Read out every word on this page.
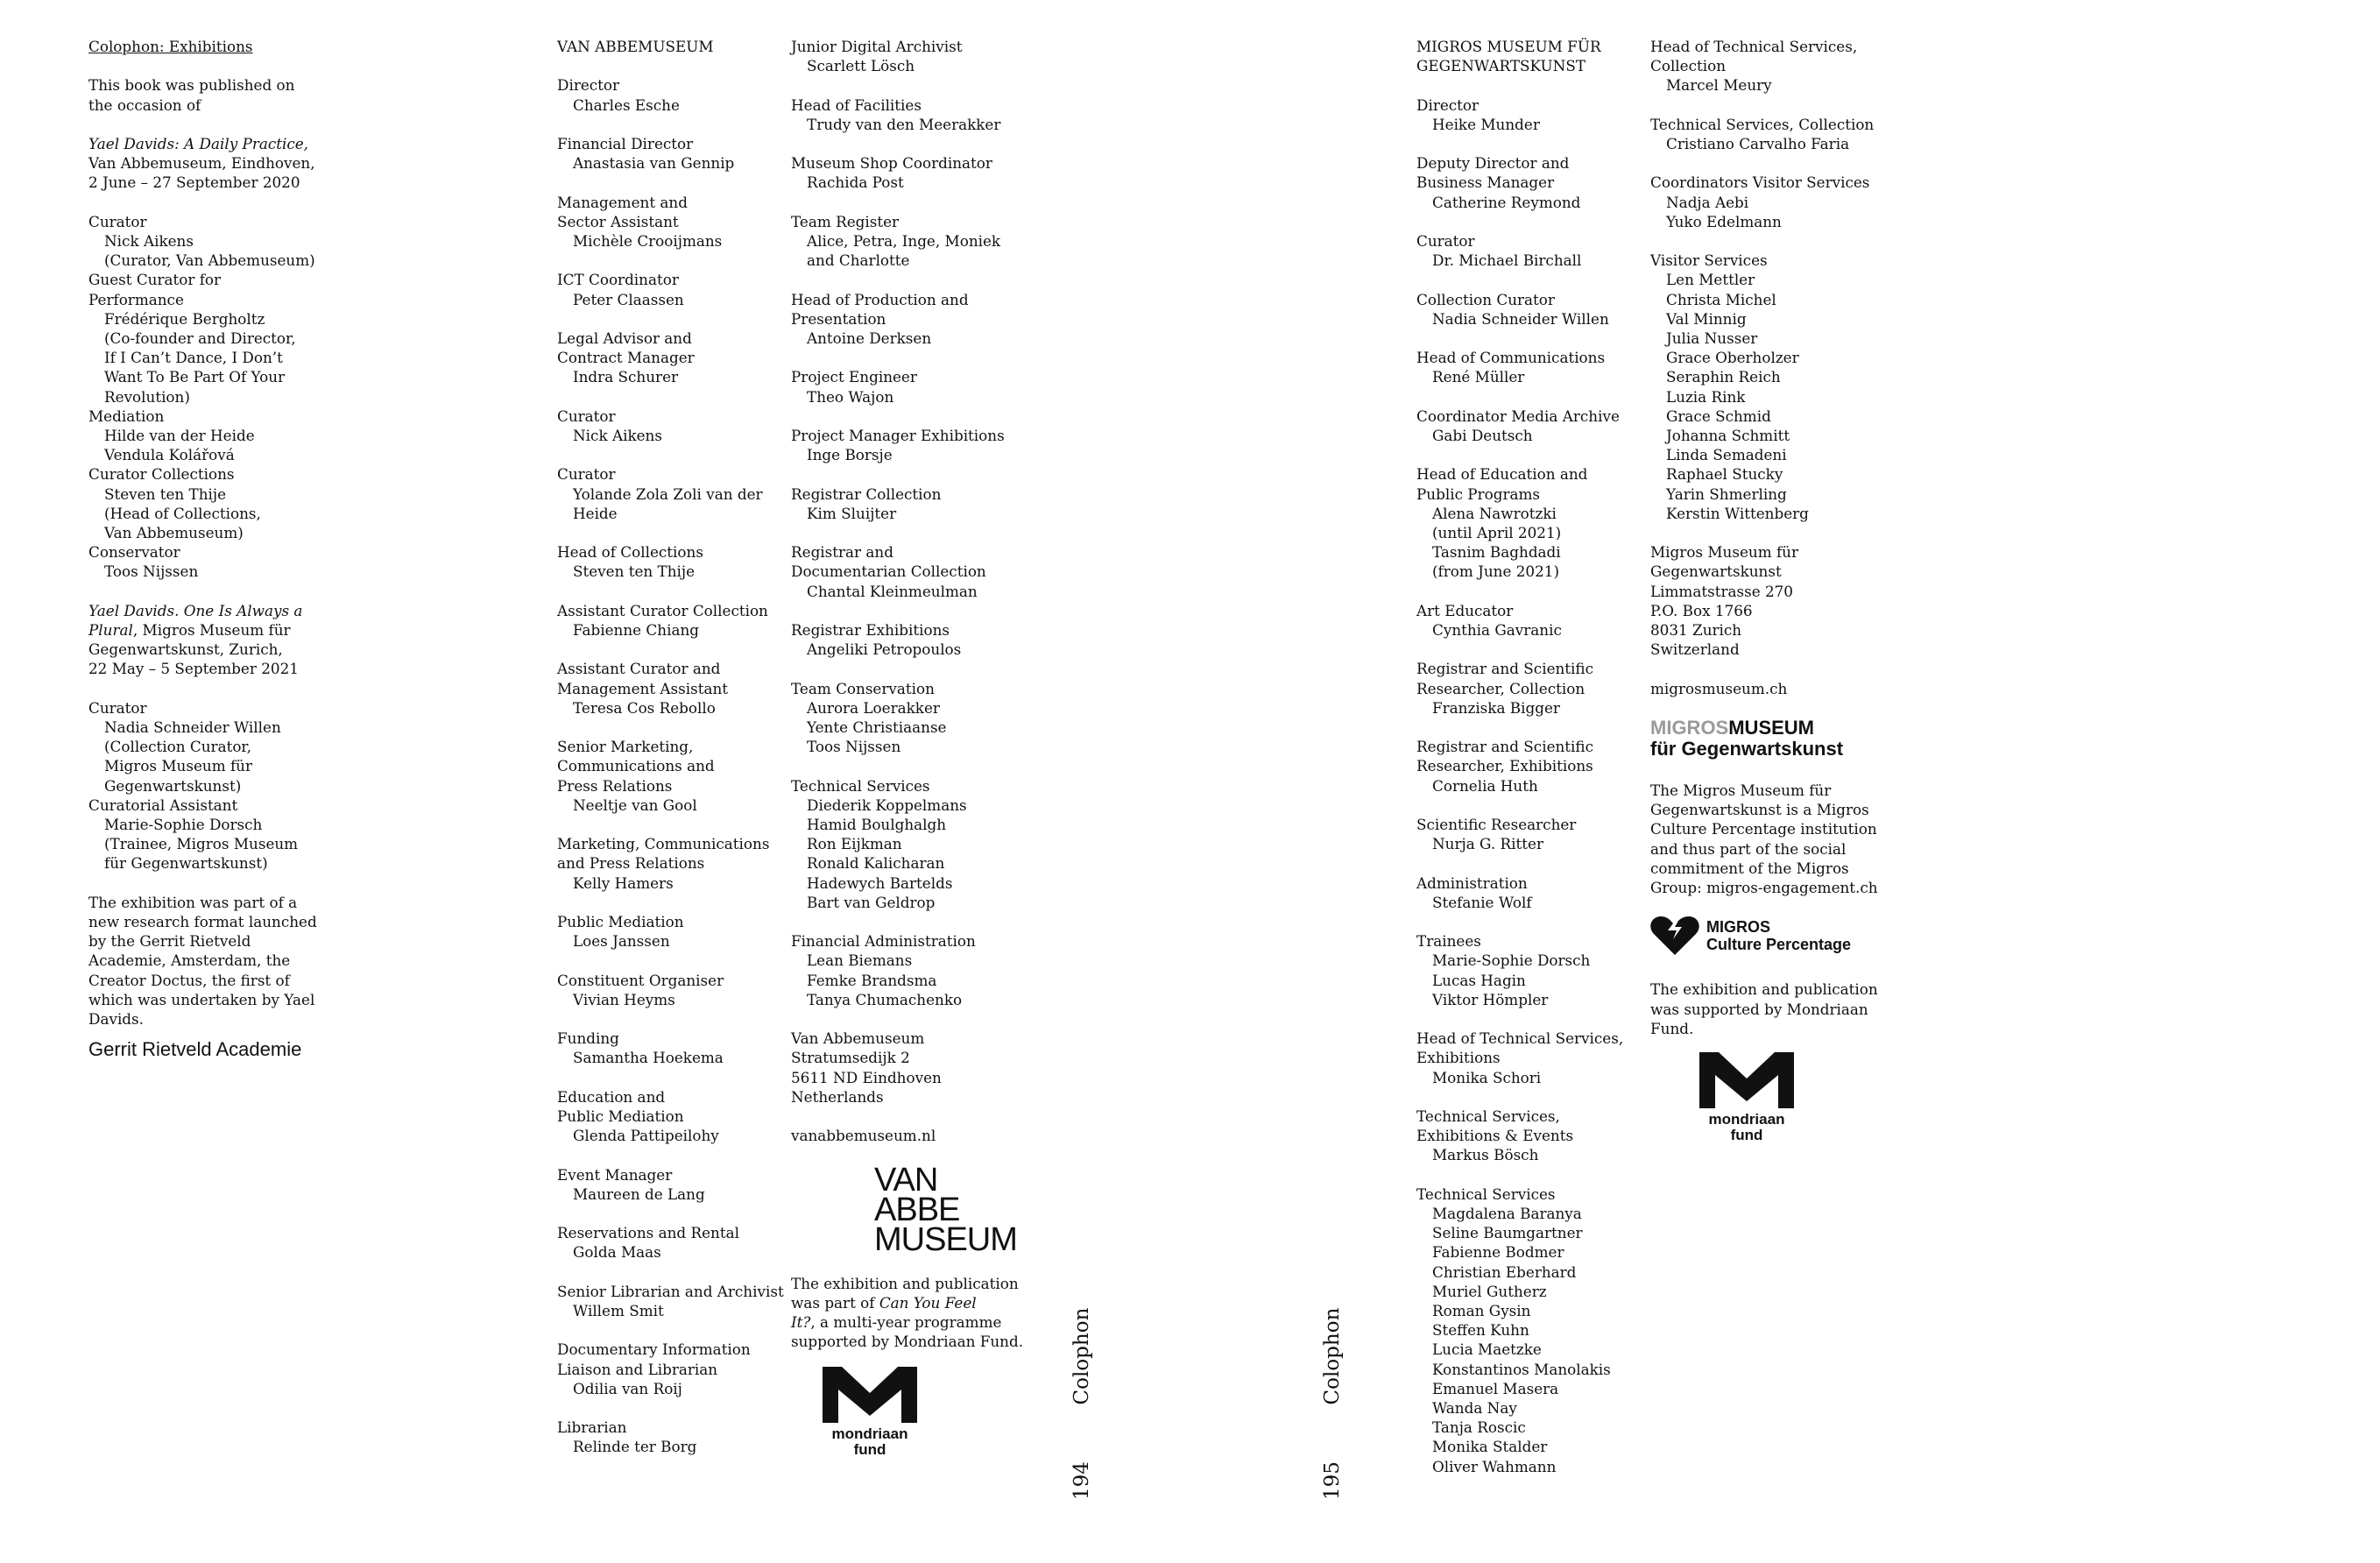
Colophon: Exhibitions
This book was published on
the occasion of
Yael Davids: A Daily Practice,
Van Abbemuseum, Eindhoven,
2 June – 27 September 2020
Curator
Nick Aikens
(Curator, Van Abbemuseum)
Guest Curator for
Performance
Frédérique Bergholtz
(Co-founder and Director,
If I Can’t Dance, I Don’t
Want To Be Part Of Your
Revolution)
Mediation
Hilde van der Heide
Vendula Kolářová
Curator Collections
Steven ten Thije
(Head of Collections,
Van Abbemuseum)
Conservator
Toos Nijssen
Yael Davids. One Is Always a
Plural, Migros Museum für
Gegenwartskunst, Zurich,
22 May – 5 September 2021
Curator
Nadia Schneider Willen
(Collection Curator,
Migros Museum für
Gegenwartskunst)
Curatorial Assistant
Marie-Sophie Dorsch
(Trainee, Migros Museum
für Gegenwartskunst)
The exhibition was part of a
new research format launched
by the Gerrit Rietveld
Academie, Amsterdam, the
Creator Doctus, the first of
which was undertaken by Yael
Davids.
Gerrit Rietveld Academie
VAN ABBEMUSEUM
Director
Charles Esche
Financial Director
Anastasia van Gennip
Management and
Sector Assistant
Michèle Crooijmans
ICT Coordinator
Peter Claassen
Legal Advisor and
Contract Manager
Indra Schurer
Curator
Nick Aikens
Curator
Yolande Zola Zoli van der
Heide
Head of Collections
Steven ten Thije
Assistant Curator Collection
Fabienne Chiang
Assistant Curator and
Management Assistant
Teresa Cos Rebollo
Senior Marketing,
Communications and
Press Relations
Neeltje van Gool
Marketing, Communications
and Press Relations
Kelly Hamers
Public Mediation
Loes Janssen
Constituent Organiser
Vivian Heyms
Funding
Samantha Hoekema
Education and
Public Mediation
Glenda Pattipeilohy
Event Manager
Maureen de Lang
Reservations and Rental
Golda Maas
Senior Librarian and Archivist
Willem Smit
Documentary Information
Liaison and Librarian
Odilia van Roij
Librarian
Relinde ter Borg
Junior Digital Archivist
Scarlett Lösch
Head of Facilities
Trudy van den Meerakker
Museum Shop Coordinator
Rachida Post
Team Register
Alice, Petra, Inge, Moniek
and Charlotte
Head of Production and
Presentation
Antoine Derksen
Project Engineer
Theo Wajon
Project Manager Exhibitions
Inge Borsje
Registrar Collection
Kim Sluijter
Registrar and
Documentarian Collection
Chantal Kleinmeulman
Registrar Exhibitions
Angeliki Petropoulos
Team Conservation
Aurora Loerakker
Yente Christiaanse
Toos Nijssen
Technical Services
Diederik Koppelmans
Hamid Boulghalgh
Ron Eijkman
Ronald Kalicharan
Hadewych Bartelds
Bart van Geldrop
Financial Administration
Lean Biemans
Femke Brandsma
Tanya Chumachenko
Van Abbemuseum
Stratumsedijk 2
5611 ND Eindhoven
Netherlands
vanabbemuseum.nl
VAN
ABBE
MUSEUM
The exhibition and publication
was part of Can You Feel
It?, a multi-year programme
supported by Mondriaan Fund.
mondriaan
fund
194  Colophon
195  Colophon
MIGROS MUSEUM FÜR
GEGENWARTSKUNST
Director
Heike Munder
Deputy Director and
Business Manager
Catherine Reymond
Curator
Dr. Michael Birchall
Collection Curator
Nadia Schneider Willen
Head of Communications
René Müller
Coordinator Media Archive
Gabi Deutsch
Head of Education and
Public Programs
Alena Nawrotzki
(until April 2021)
Tasnim Baghdadi
(from June 2021)
Art Educator
Cynthia Gavranic
Registrar and Scientific
Researcher, Collection
Franziska Bigger
Registrar and Scientific
Researcher, Exhibitions
Cornelia Huth
Scientific Researcher
Nurja G. Ritter
Administration
Stefanie Wolf
Trainees
Marie-Sophie Dorsch
Lucas Hagin
Viktor Hömpler
Head of Technical Services,
Exhibitions
Monika Schori
Technical Services,
Exhibitions & Events
Markus Bösch
Technical Services
Magdalena Baranya
Seline Baumgartner
Fabienne Bodmer
Christian Eberhard
Muriel Gutherz
Roman Gysin
Steffen Kuhn
Lucia Maetzke
Konstantinos Manolakis
Emanuel Masera
Wanda Nay
Tanja Roscic
Monika Stalder
Oliver Wahmann
Head of Technical Services,
Collection
Marcel Meury
Technical Services, Collection
Cristiano Carvalho Faria
Coordinators Visitor Services
Nadja Aebi
Yuko Edelmann
Visitor Services
Len Mettler
Christa Michel
Val Minnig
Julia Nusser
Grace Oberholzer
Seraphin Reich
Luzia Rink
Grace Schmid
Johanna Schmitt
Linda Semadeni
Raphael Stucky
Yarin Shmerling
Kerstin Wittenberg
Migros Museum für
Gegenwartskunst
Limmatstrasse 270
P.O. Box 1766
8031 Zurich
Switzerland
migrosmuseum.ch
MIGROSMUSEUM
für Gegenwartskunst
The Migros Museum für
Gegenwartskunst is a Migros
Culture Percentage institution
and thus part of the social
commitment of the Migros
Group: migros-engagement.ch
MIGROS
Culture Percentage
The exhibition and publication
was supported by Mondriaan
Fund.
mondriaan
fund
